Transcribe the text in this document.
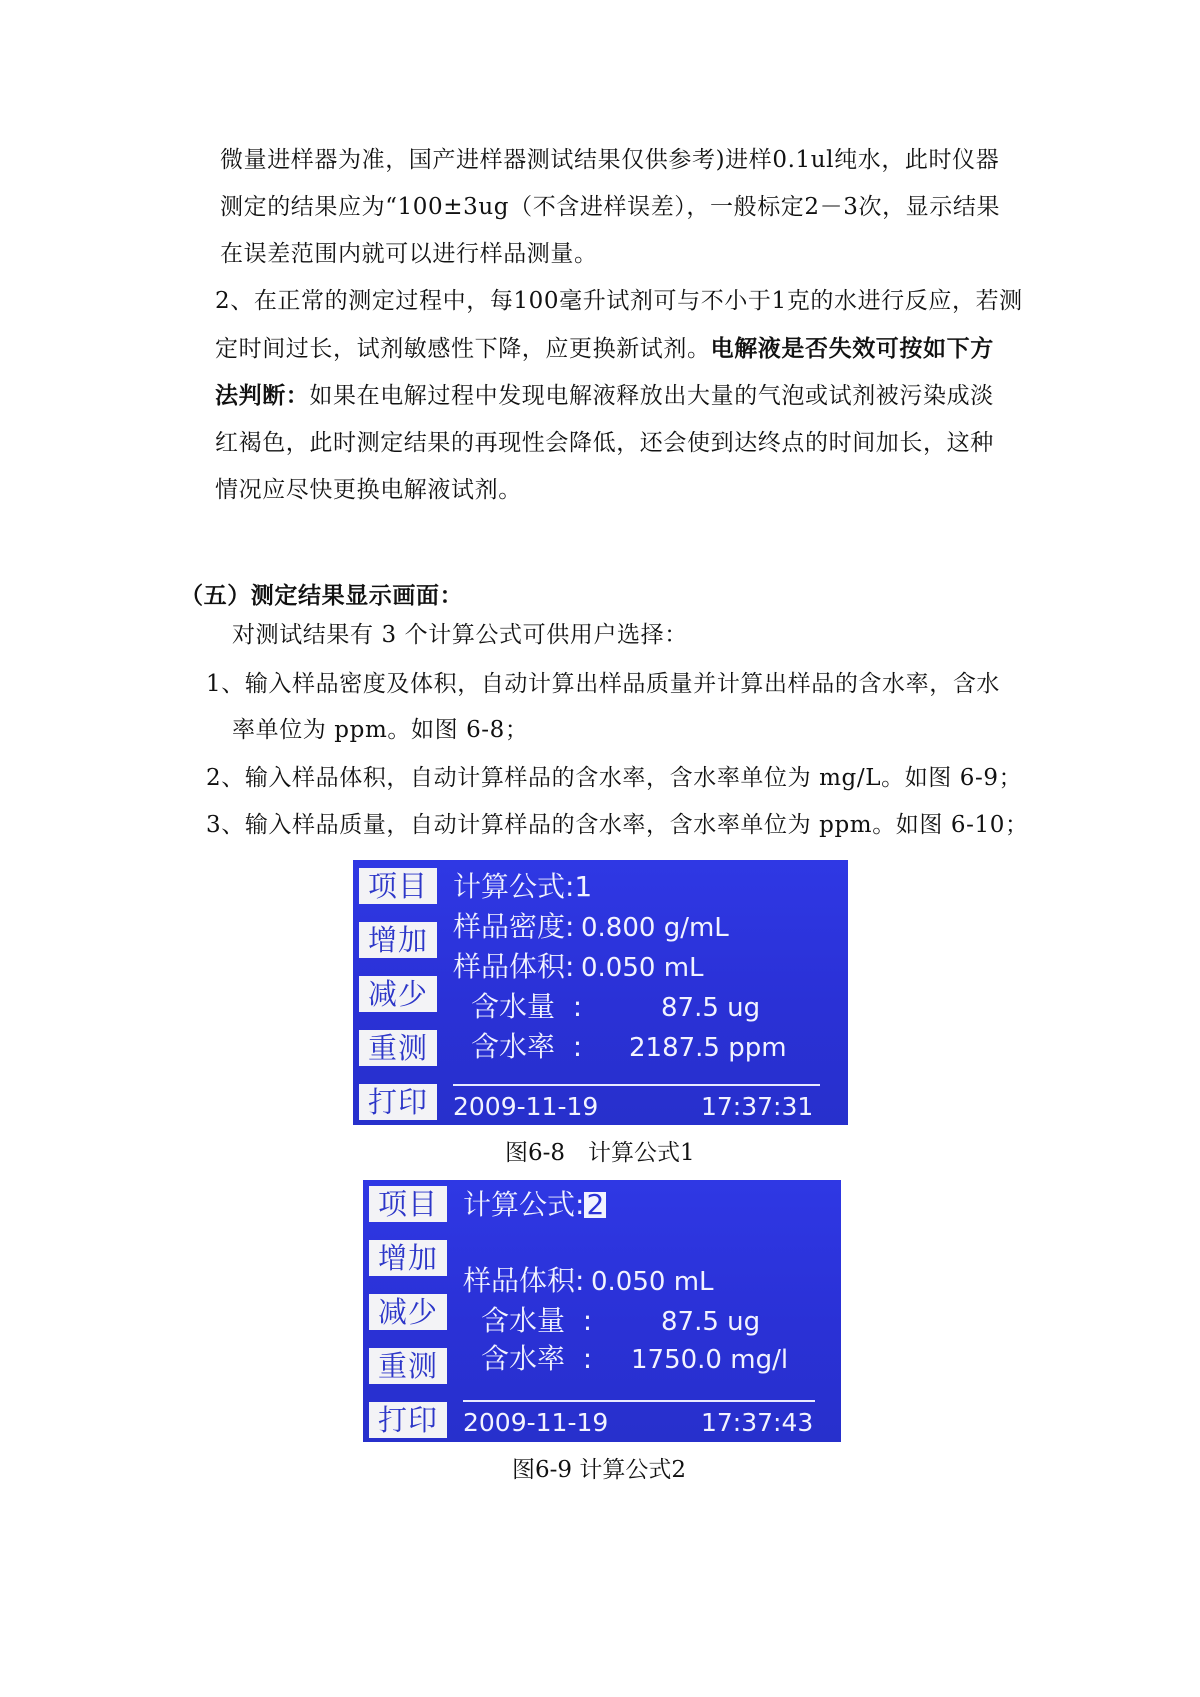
微量进样器为准，国产进样器测试结果仅供参考)进样0.1ul纯水，此时仪器
测定的结果应为“100±3ug（不含进样误差），一般标定2－3次，显示结果
在误差范围内就可以进行样品测量。
2、在正常的测定过程中，每100毫升试剂可与不小于1克的水进行反应，若测
定时间过长，试剂敏感性下降，应更换新试剂。电解液是否失效可按如下方
法判断：如果在电解过程中发现电解液释放出大量的气泡或试剂被污染成淡
红褐色，此时测定结果的再现性会降低，还会使到达终点的时间加长，这种
情况应尽快更换电解液试剂。
（五）测定结果显示画面：
对测试结果有 3 个计算公式可供用户选择：
1、输入样品密度及体积，自动计算出样品质量并计算出样品的含水率，含水
率单位为 ppm。如图 6-8；
2、输入样品体积，自动计算样品的含水率，含水率单位为 mg/L。如图 6-9；
3、输入样品质量，自动计算样品的含水率，含水率单位为 ppm。如图 6-10；
项目
增加
减少
重测
打印
计算公式:1
样品密度: 0.800 g/mL
样品体积: 0.050 mL
含水量  :	87.5 ug
含水率  : 2187.5 ppm
2009-11-19	17:37:31
图6-8　计算公式1
项目
增加
减少
重测
打印
计算公式:2
样品体积: 0.050 mL
含水量  :	87.5 ug
含水率  : 1750.0 mg/l
2009-11-19	17:37:43
图6-9 计算公式2
